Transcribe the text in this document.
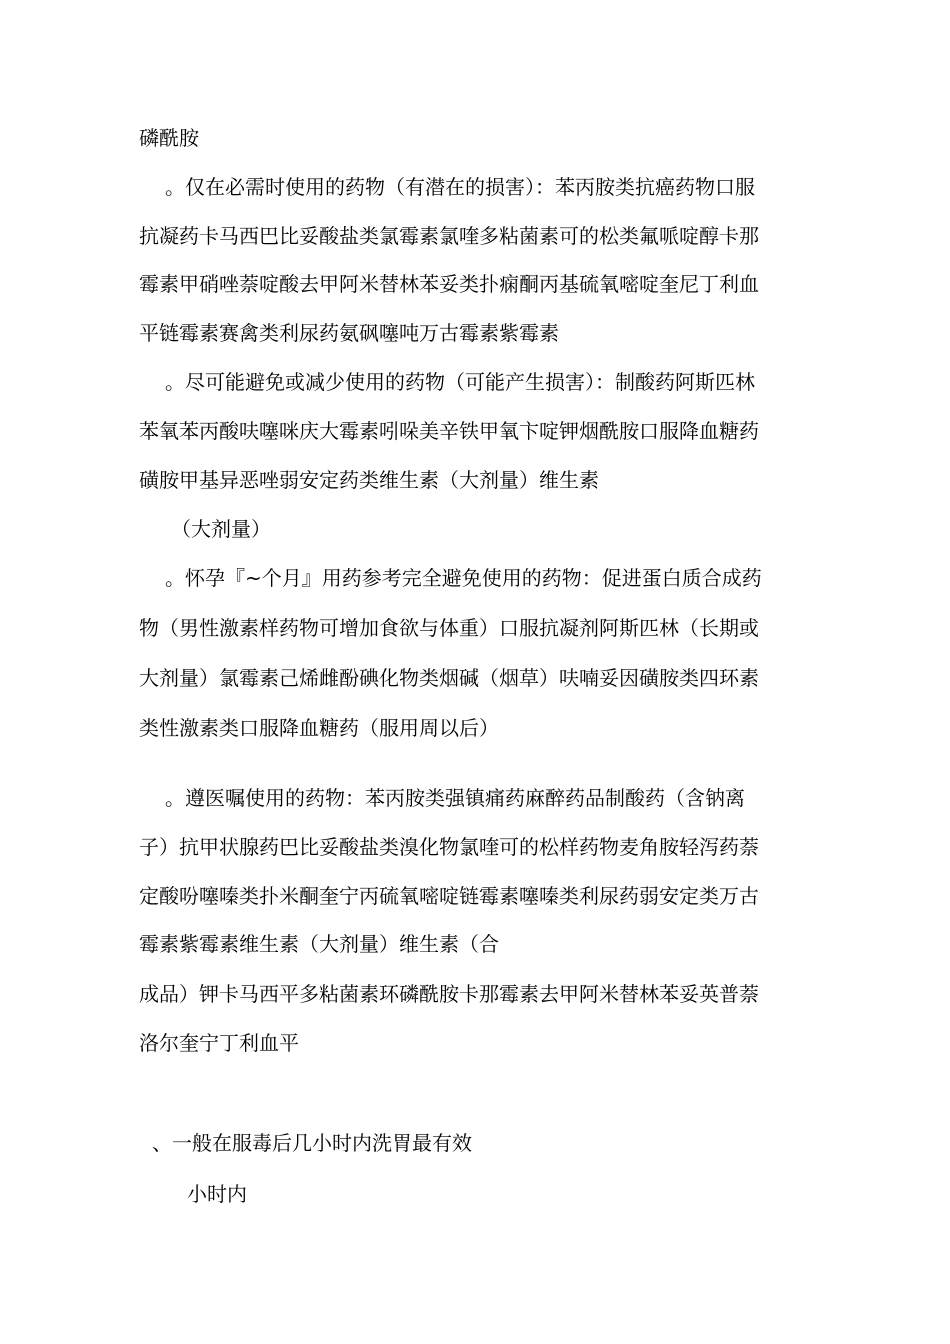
磷酰胺
。仅在必需时使用的药物（有潜在的损害）：苯丙胺类抗癌药物口服
抗凝药卡马西巴比妥酸盐类氯霉素氯喹多粘菌素可的松类氟哌啶醇卡那
霉素甲硝唑萘啶酸去甲阿米替林苯妥类扑痫酮丙基硫氧嘧啶奎尼丁利血
平链霉素赛禽类利尿药氨砜噻吨万古霉素紫霉素
。尽可能避免或减少使用的药物（可能产生损害）：制酸药阿斯匹林
苯氧苯丙酸呋噻咪庆大霉素吲哚美辛铁甲氧卞啶钾烟酰胺口服降血糖药
磺胺甲基异恶唑弱安定药类维生素（大剂量）维生素
（大剂量）
。怀孕『~个月』用药参考完全避免使用的药物：促进蛋白质合成药
物（男性激素样药物可增加食欲与体重）口服抗凝剂阿斯匹林（长期或
大剂量）氯霉素己烯雌酚碘化物类烟碱（烟草）呋喃妥因磺胺类四环素
类性激素类口服降血糖药（服用周以后）
。遵医嘱使用的药物：苯丙胺类强镇痛药麻醉药品制酸药（含钠离
子）抗甲状腺药巴比妥酸盐类溴化物氯喹可的松样药物麦角胺轻泻药萘
定酸吩噻嗪类扑米酮奎宁丙硫氧嘧啶链霉素噻嗪类利尿药弱安定类万古
霉素紫霉素维生素（大剂量）维生素（合
成品）钾卡马西平多粘菌素环磷酰胺卡那霉素去甲阿米替林苯妥英普萘
洛尔奎宁丁利血平
、一般在服毒后几小时内洗胃最有效
小时内
